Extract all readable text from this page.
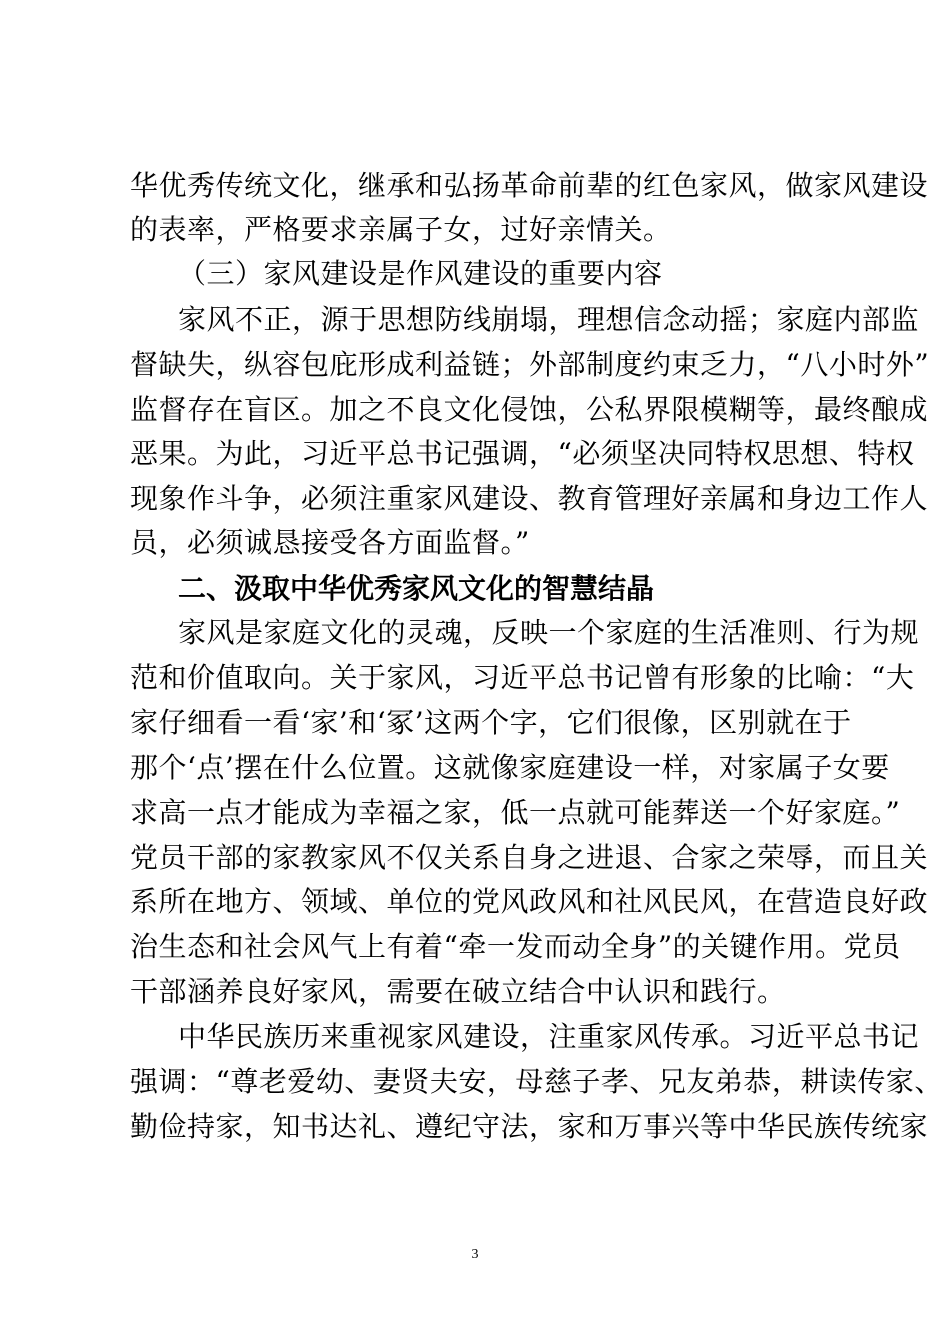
华优秀传统文化，继承和弘扬革命前辈的红色家风，做家风建设
的表率，严格要求亲属子女，过好亲情关。
（三）家风建设是作风建设的重要内容
家风不正，源于思想防线崩塌，理想信念动摇；家庭内部监
督缺失，纵容包庇形成利益链；外部制度约束乏力，“八小时外”
监督存在盲区。加之不良文化侵蚀，公私界限模糊等，最终酿成
恶果。为此，习近平总书记强调，“必须坚决同特权思想、特权
现象作斗争，必须注重家风建设、教育管理好亲属和身边工作人
员，必须诚恳接受各方面监督。”
二、汲取中华优秀家风文化的智慧结晶
家风是家庭文化的灵魂，反映一个家庭的生活准则、行为规
范和价值取向。关于家风，习近平总书记曾有形象的比喻：“大
家仔细看一看‘家’和‘冢’这两个字，它们很像，区别就在于
那个‘点’摆在什么位置。这就像家庭建设一样，对家属子女要
求高一点才能成为幸福之家，低一点就可能葬送一个好家庭。”
党员干部的家教家风不仅关系自身之进退、合家之荣辱，而且关
系所在地方、领域、单位的党风政风和社风民风，在营造良好政
治生态和社会风气上有着“牵一发而动全身”的关键作用。党员
干部涵养良好家风，需要在破立结合中认识和践行。
中华民族历来重视家风建设，注重家风传承。习近平总书记
强调：“尊老爱幼、妻贤夫安，母慈子孝、兄友弟恭，耕读传家、
勤俭持家，知书达礼、遵纪守法，家和万事兴等中华民族传统家
3
